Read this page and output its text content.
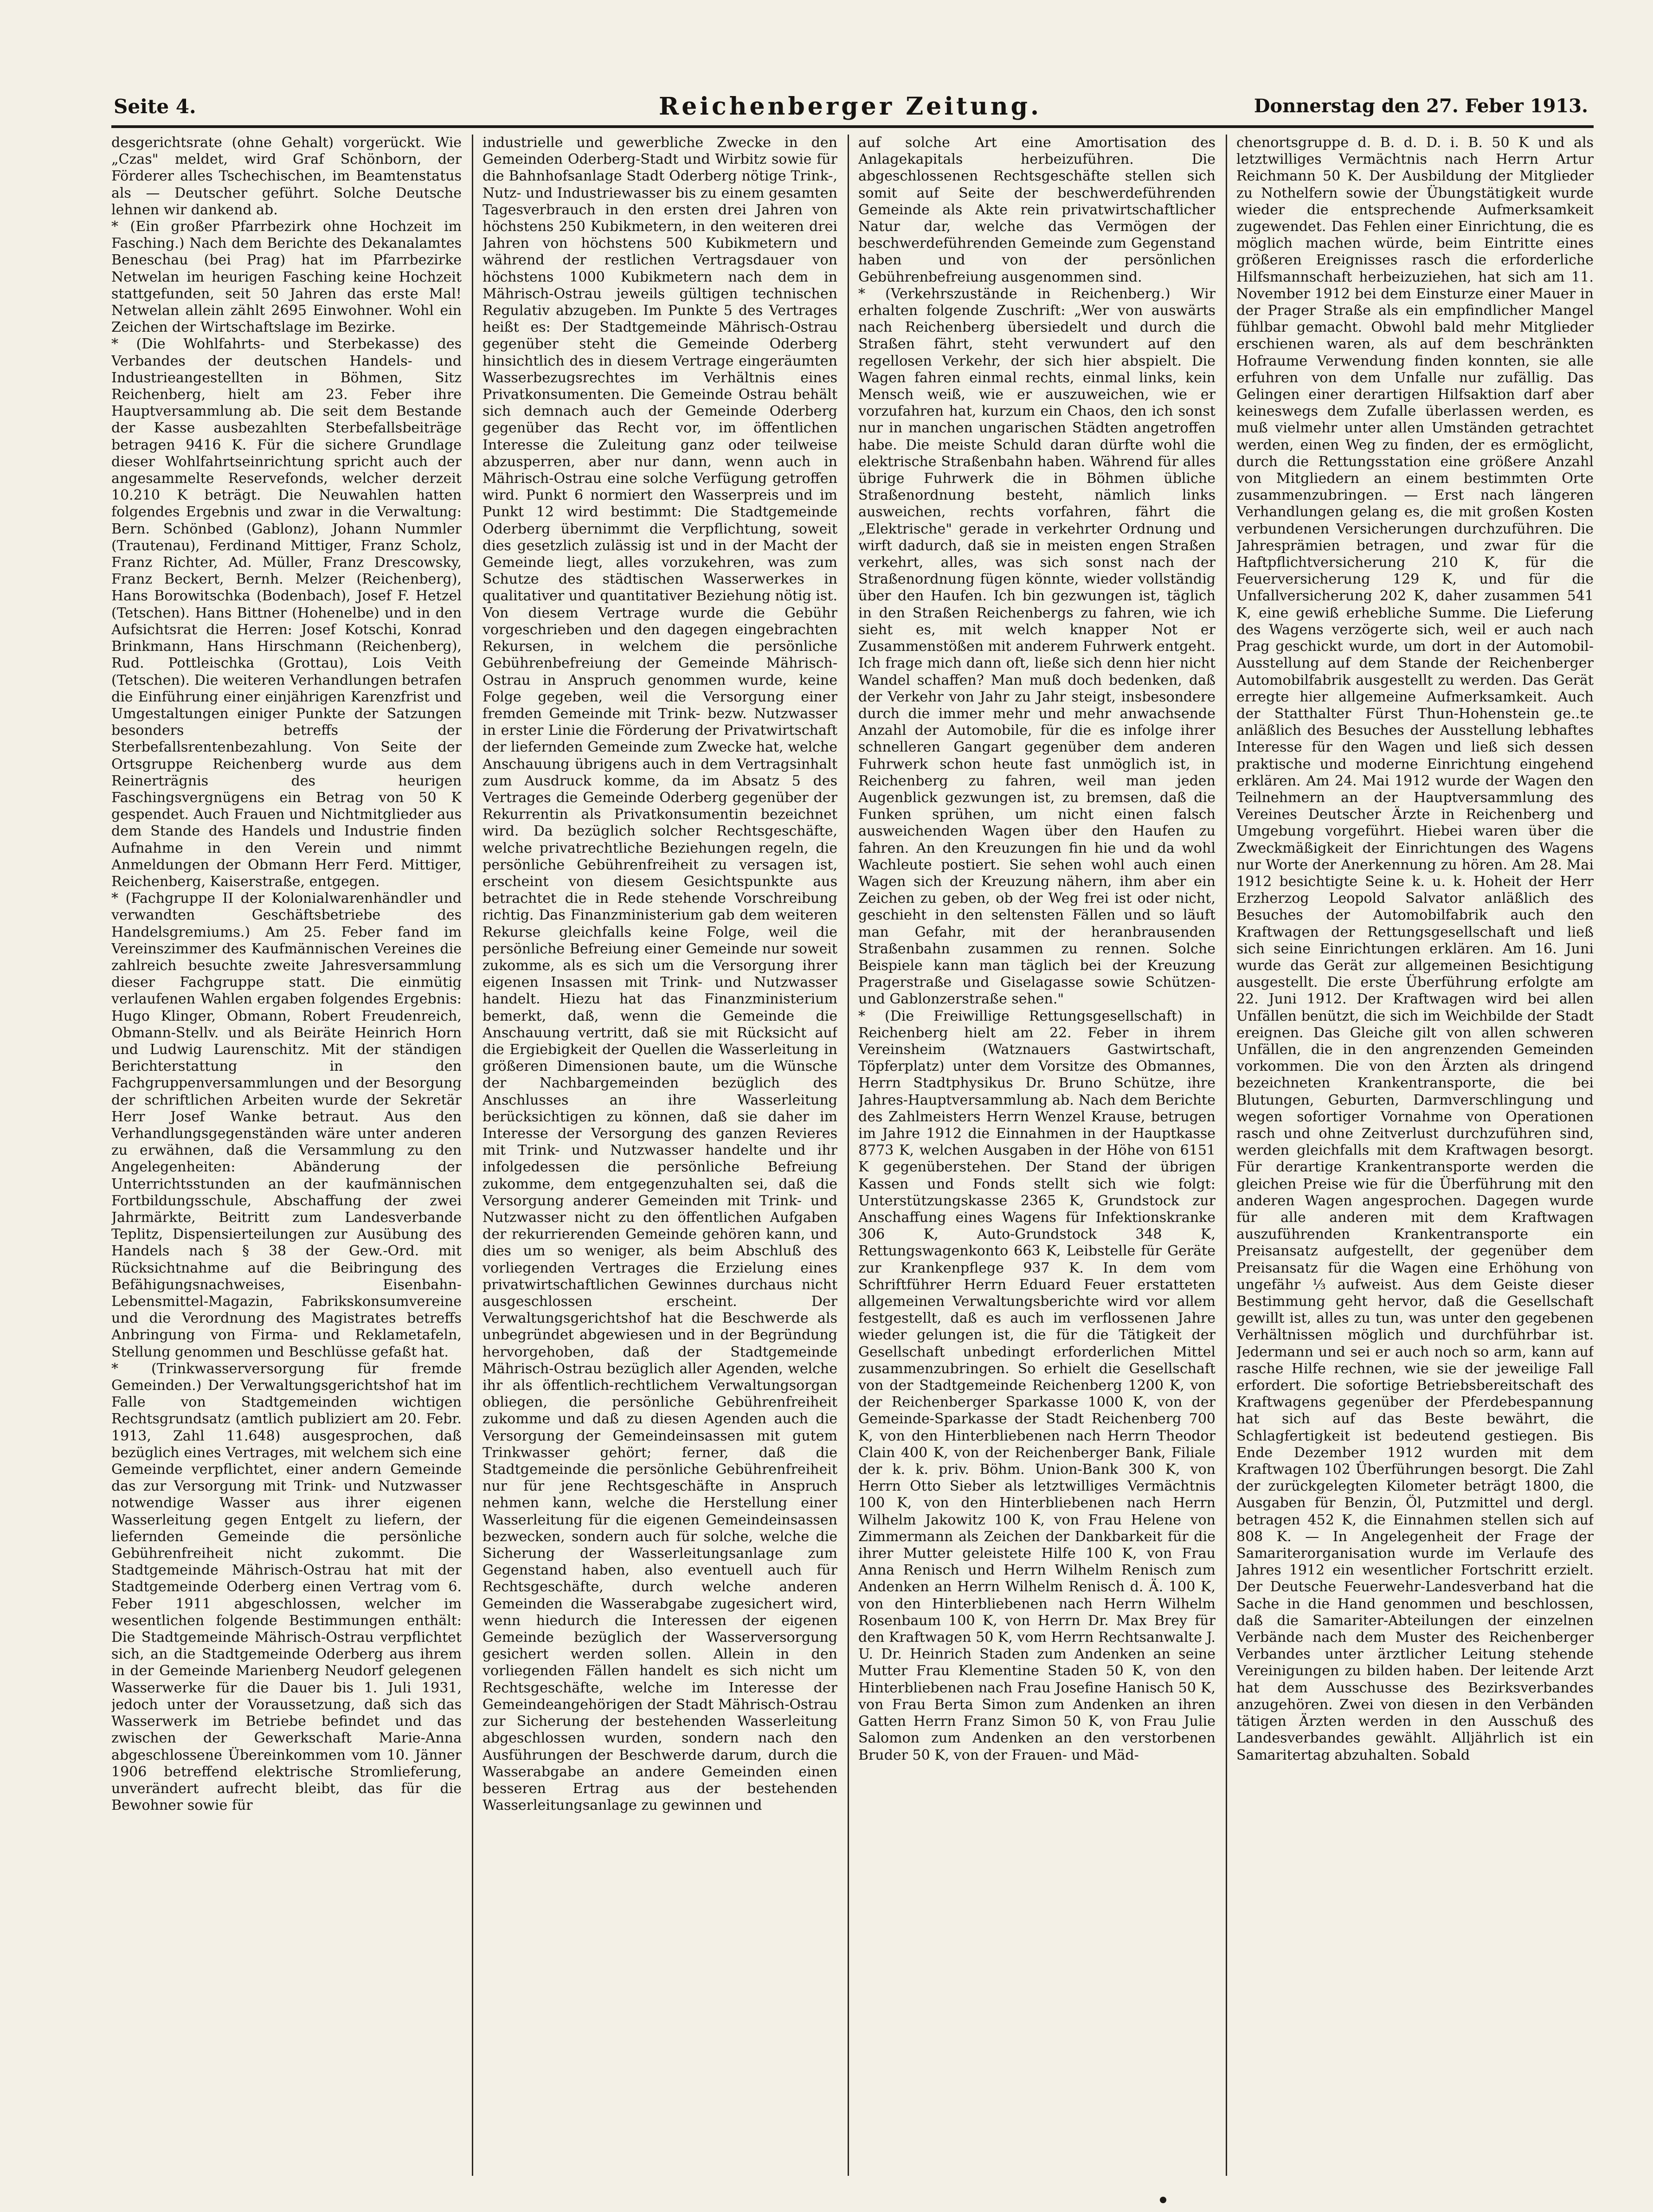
Seite 4.	Reichenberger Zeitung.	Donnerstag den 27. Feber 1913.

desgerichtsrate (ohne Gehalt) vorgerückt. Wie „Czas" meldet, wird Graf Schönborn, der Förderer alles Tschechischen, im Beamtenstatus als — Deutscher geführt. Solche Deutsche lehnen wir dankend ab.

* (Ein großer Pfarrbezirk ohne Hochzeit im Fasching.) Nach dem Berichte des Dekanalamtes Beneschau (bei Prag) hat im Pfarrbezirke Netwelan im heurigen Fasching keine Hochzeit stattgefunden, seit 50 Jahren das erste Mal! Netwelan allein zählt 2695 Einwohner. Wohl ein Zeichen der Wirtschaftslage im Bezirke.

* (Die Wohlfahrts- und Sterbekasse) des Verbandes der deutschen Handels- und Industrieangestellten in Böhmen, Sitz Reichenberg, hielt am 23. Feber ihre Hauptversammlung ab. Die seit dem Bestande der Kasse ausbezahlten Sterbefallsbeiträge betragen 9416 K. Für die sichere Grundlage dieser Wohlfahrtseinrichtung spricht auch der angesammelte Reservefonds, welcher derzeit 10.210 K beträgt. Die Neuwahlen hatten folgendes Ergebnis und zwar in die Verwaltung: Bern. Schönbed (Gablonz), Johann Nummler (Trautenau), Ferdinand Mittiger, Franz Scholz, Franz Richter, Ad. Müller, Franz Drescowsky, Franz Beckert, Bernh. Melzer (Reichenberg), Hans Borowitschka (Bodenbach), Josef F. Hetzel (Tetschen). Hans Bittner (Hohenelbe) und in den Aufsichtsrat die Herren: Josef Kotschi, Konrad Brinkmann, Hans Hirschmann (Reichenberg), Rud. Pottleischka (Grottau), Lois Veith (Tetschen). Die weiteren Verhandlungen betrafen die Einführung einer einjährigen Karenzfrist und Umgestaltungen einiger Punkte der Satzungen besonders betreffs der Sterbefallsrentenbezahlung. Von Seite der Ortsgruppe Reichenberg wurde aus dem Reinerträgnis des heurigen Faschingsvergnügens ein Betrag von 50 K gespendet. Auch Frauen und Nichtmitglieder aus dem Stande des Handels und Industrie finden Aufnahme in den Verein und nimmt Anmeldungen der Obmann Herr Ferd. Mittiger, Reichenberg, Kaiserstraße, entgegen.

* (Fachgruppe II der Kolonialwarenhändler und verwandten Geschäftsbetriebe des Handelsgremiums.) Am 25. Feber fand im Vereinszimmer des Kaufmännischen Vereines die zahlreich besuchte zweite Jahresversammlung dieser Fachgruppe statt. Die einmütig verlaufenen Wahlen ergaben folgendes Ergebnis: Hugo Klinger, Obmann, Robert Freudenreich, Obmann-Stellv. und als Beiräte Heinrich Horn und Ludwig Laurenschitz. Mit der ständigen Berichterstattung in den Fachgruppenversammlungen und der Besorgung der schriftlichen Arbeiten wurde der Sekretär Herr Josef Wanke betraut. Aus den Verhandlungsgegenständen wäre unter anderen zu erwähnen, daß die Versammlung zu den Angelegenheiten: Abänderung der Unterrichtsstunden an der kaufmännischen Fortbildungsschule, Abschaffung der zwei Jahrmärkte, Beitritt zum Landesverbande Teplitz, Dispensierteilungen zur Ausübung des Handels nach § 38 der Gew.-Ord. mit Rücksichtnahme auf die Beibringung des Befähigungsnachweises, Eisenbahn-Lebensmittel-Magazin, Fabrikskonsumvereine und die Verordnung des Magistrates betreffs Anbringung von Firma- und Reklametafeln, Stellung genommen und Beschlüsse gefaßt hat.

* (Trinkwasserversorgung für fremde Gemeinden.) Der Verwaltungsgerichtshof hat im Falle von Stadtgemeinden wichtigen Rechtsgrundsatz (amtlich publiziert am 20. Febr. 1913, Zahl 11.648) ausgesprochen, daß bezüglich eines Vertrages, mit welchem sich eine Gemeinde verpflichtet, einer andern Gemeinde das zur Versorgung mit Trink- und Nutzwasser notwendige Wasser aus ihrer eigenen Wasserleitung gegen Entgelt zu liefern, der liefernden Gemeinde die persönliche Gebührenfreiheit nicht zukommt. Die Stadtgemeinde Mährisch-Ostrau hat mit der Stadtgemeinde Oderberg einen Vertrag vom 6. Feber 1911 abgeschlossen, welcher im wesentlichen folgende Bestimmungen enthält: Die Stadtgemeinde Mährisch-Ostrau verpflichtet sich, an die Stadtgemeinde Oderberg aus ihrem in der Gemeinde Marienberg Neudorf gelegenen Wasserwerke für die Dauer bis 1. Juli 1931, jedoch unter der Voraussetzung, daß sich das Wasserwerk im Betriebe befindet und das zwischen der Gewerkschaft Marie-Anna abgeschlossene Übereinkommen vom 10. Jänner 1906 betreffend elektrische Stromlieferung, unverändert aufrecht bleibt, das für die Bewohner sowie für

industrielle und gewerbliche Zwecke in den Gemeinden Oderberg-Stadt und Wirbitz sowie für die Bahnhofsanlage Stadt Oderberg nötige Trink-, Nutz- und Industriewasser bis zu einem gesamten Tagesverbrauch in den ersten drei Jahren von höchstens 250 Kubikmetern, in den weiteren drei Jahren von höchstens 500 Kubikmetern und während der restlichen Vertragsdauer von höchstens 1000 Kubikmetern nach dem in Mährisch-Ostrau jeweils gültigen technischen Regulativ abzugeben. Im Punkte 5 des Vertrages heißt es: Der Stadtgemeinde Mährisch-Ostrau gegenüber steht die Gemeinde Oderberg hinsichtlich des in diesem Vertrage eingeräumten Wasserbezugsrechtes im Verhältnis eines Privatkonsumenten. Die Gemeinde Ostrau behält sich demnach auch der Gemeinde Oderberg gegenüber das Recht vor, im öffentlichen Interesse die Zuleitung ganz oder teilweise abzusperren, aber nur dann, wenn auch in Mährisch-Ostrau eine solche Verfügung getroffen wird. Punkt 6 normiert den Wasserpreis und im Punkt 12 wird bestimmt: Die Stadtgemeinde Oderberg übernimmt die Verpflichtung, soweit dies gesetzlich zulässig ist und in der Macht der Gemeinde liegt, alles vorzukehren, was zum Schutze des städtischen Wasserwerkes in qualitativer und quantitativer Beziehung nötig ist. Von diesem Vertrage wurde die Gebühr vorgeschrieben und den dagegen eingebrachten Rekursen, in welchem die persönliche Gebührenbefreiung der Gemeinde Mährisch-Ostrau in Anspruch genommen wurde, keine Folge gegeben, weil die Versorgung einer fremden Gemeinde mit Trink- bezw. Nutzwasser in erster Linie die Förderung der Privatwirtschaft der liefernden Gemeinde zum Zwecke hat, welche Anschauung übrigens auch in dem Vertragsinhalt zum Ausdruck komme, da im Absatz 5 des Vertrages die Gemeinde Oderberg gegenüber der Rekurrentin als Privatkonsumentin bezeichnet wird. Da bezüglich solcher Rechtsgeschäfte, welche privatrechtliche Beziehungen regeln, die persönliche Gebührenfreiheit zu versagen ist, erscheint von diesem Gesichtspunkte aus betrachtet die in Rede stehende Vorschreibung richtig. Das Finanzministerium gab dem weiteren Rekurse gleichfalls keine Folge, weil die persönliche Befreiung einer Gemeinde nur soweit zukomme, als es sich um die Versorgung ihrer eigenen Insassen mit Trink- und Nutzwasser handelt. Hiezu hat das Finanzministerium bemerkt, daß, wenn die Gemeinde die Anschauung vertritt, daß sie mit Rücksicht auf die Ergiebigkeit der Quellen die Wasserleitung in größeren Dimensionen baute, um die Wünsche der Nachbargemeinden bezüglich des Anschlusses an ihre Wasserleitung berücksichtigen zu können, daß sie daher im Interesse der Versorgung des ganzen Revieres mit Trink- und Nutzwasser handelte und ihr infolgedessen die persönliche Befreiung zukomme, dem entgegenzuhalten sei, daß die Versorgung anderer Gemeinden mit Trink- und Nutzwasser nicht zu den öffentlichen Aufgaben der rekurrierenden Gemeinde gehören kann, und dies um so weniger, als beim Abschluß des vorliegenden Vertrages die Erzielung eines privatwirtschaftlichen Gewinnes durchaus nicht ausgeschlossen erscheint. Der Verwaltungsgerichtshof hat die Beschwerde als unbegründet abgewiesen und in der Begründung hervorgehoben, daß der Stadtgemeinde Mährisch-Ostrau bezüglich aller Agenden, welche ihr als öffentlich-rechtlichem Verwaltungsorgan obliegen, die persönliche Gebührenfreiheit zukomme und daß zu diesen Agenden auch die Versorgung der Gemeindeinsassen mit gutem Trinkwasser gehört; ferner, daß die Stadtgemeinde die persönliche Gebührenfreiheit nur für jene Rechtsgeschäfte in Anspruch nehmen kann, welche die Herstellung einer Wasserleitung für die eigenen Gemeindeinsassen bezwecken, sondern auch für solche, welche die Sicherung der Wasserleitungsanlage zum Gegenstand haben, also eventuell auch für Rechtsgeschäfte, durch welche anderen Gemeinden die Wasserabgabe zugesichert wird, wenn hiedurch die Interessen der eigenen Gemeinde bezüglich der Wasserversorgung gesichert werden sollen. Allein in den vorliegenden Fällen handelt es sich nicht um Rechtsgeschäfte, welche im Interesse der Gemeindeangehörigen der Stadt Mährisch-Ostrau zur Sicherung der bestehenden Wasserleitung abgeschlossen wurden, sondern nach den Ausführungen der Beschwerde darum, durch die Wasserabgabe an andere Gemeinden einen besseren Ertrag aus der bestehenden Wasserleitungsanlage zu gewinnen und

auf solche Art eine Amortisation des Anlagekapitals herbeizuführen. Die abgeschlossenen Rechtsgeschäfte stellen sich somit auf Seite der beschwerdeführenden Gemeinde als Akte rein privatwirtschaftlicher Natur dar, welche das Vermögen der beschwerdeführenden Gemeinde zum Gegenstand haben und von der persönlichen Gebührenbefreiung ausgenommen sind.

* (Verkehrszustände in Reichenberg.) Wir erhalten folgende Zuschrift: „Wer von auswärts nach Reichenberg übersiedelt und durch die Straßen fährt, steht verwundert auf den regellosen Verkehr, der sich hier abspielt. Die Wagen fahren einmal rechts, einmal links, kein Mensch weiß, wie er auszuweichen, wie er vorzufahren hat, kurzum ein Chaos, den ich sonst nur in manchen ungarischen Städten angetroffen habe. Die meiste Schuld daran dürfte wohl die elektrische Straßenbahn haben. Während für alles übrige Fuhrwerk die in Böhmen übliche Straßenordnung besteht, nämlich links ausweichen, rechts vorfahren, fährt die „Elektrische" gerade in verkehrter Ordnung und wirft dadurch, daß sie in meisten engen Straßen verkehrt, alles, was sich sonst nach der Straßenordnung fügen könnte, wieder vollständig über den Haufen. Ich bin gezwungen ist, täglich in den Straßen Reichenbergs zu fahren, wie ich sieht es, mit welch knapper Not er Zusammenstößen mit anderem Fuhrwerk entgeht. Ich frage mich dann oft, ließe sich denn hier nicht Wandel schaffen? Man muß doch bedenken, daß der Verkehr von Jahr zu Jahr steigt, insbesondere durch die immer mehr und mehr anwachsende Anzahl der Automobile, für die es infolge ihrer schnelleren Gangart gegenüber dem anderen Fuhrwerk schon heute fast unmöglich ist, in Reichenberg zu fahren, weil man jeden Augenblick gezwungen ist, zu bremsen, daß die Funken sprühen, um nicht einen falsch ausweichenden Wagen über den Haufen zu fahren. An den Kreuzungen fin hie und da wohl Wachleute postiert. Sie sehen wohl auch einen Wagen sich der Kreuzung nähern, ihm aber ein Zeichen zu geben, ob der Weg frei ist oder nicht, geschieht in den seltensten Fällen und so läuft man Gefahr, mit der heranbrausenden Straßenbahn zusammen zu rennen. Solche Beispiele kann man täglich bei der Kreuzung Pragerstraße und Giselagasse sowie Schützen- und Gablonzerstraße sehen."

* (Die Freiwillige Rettungsgesellschaft) in Reichenberg hielt am 22. Feber in ihrem Vereinsheim (Watznauers Gastwirtschaft, Töpferplatz) unter dem Vorsitze des Obmannes, Herrn Stadtphysikus Dr. Bruno Schütze, ihre Jahres-Hauptversammlung ab. Nach dem Berichte des Zahlmeisters Herrn Wenzel Krause, betrugen im Jahre 1912 die Einnahmen in der Hauptkasse 8773 K, welchen Ausgaben in der Höhe von 6151 K gegenüberstehen. Der Stand der übrigen Kassen und Fonds stellt sich wie folgt: Unterstützungskasse 2365 K, Grundstock zur Anschaffung eines Wagens für Infektionskranke 306 K, Auto-Grundstock 348 K, Rettungswagenkonto 663 K, Leibstelle für Geräte zur Krankenpflege 937 K. In dem vom Schriftführer Herrn Eduard Feuer erstatteten allgemeinen Verwaltungsberichte wird vor allem festgestellt, daß es auch im verflossenen Jahre wieder gelungen ist, die für die Tätigkeit der Gesellschaft unbedingt erforderlichen Mittel zusammenzubringen. So erhielt die Gesellschaft von der Stadtgemeinde Reichenberg 1200 K, von der Reichenberger Sparkasse 1000 K, von der Gemeinde-Sparkasse der Stadt Reichenberg 700 K, von den Hinterbliebenen nach Herrn Theodor Clain 400 K, von der Reichenberger Bank, Filiale der k. k. priv. Böhm. Union-Bank 300 K, von Herrn Otto Sieber als letztwilliges Vermächtnis 100 K, von den Hinterbliebenen nach Herrn Wilhelm Jakowitz 100 K, von Frau Helene von Zimmermann als Zeichen der Dankbarkeit für die ihrer Mutter geleistete Hilfe 100 K, von Frau Anna Renisch und Herrn Wilhelm Renisch zum Andenken an Herrn Wilhelm Renisch d. Ä. 100 K, von den Hinterbliebenen nach Herrn Wilhelm Rosenbaum 100 K, von Herrn Dr. Max Brey für den Kraftwagen 50 K, vom Herrn Rechtsanwalte J. U. Dr. Heinrich Staden zum Andenken an seine Mutter Frau Klementine Staden 50 K, von den Hinterbliebenen nach Frau Josefine Hanisch 50 K, von Frau Berta Simon zum Andenken an ihren Gatten Herrn Franz Simon 50 K, von Frau Julie Salomon zum Andenken an den verstorbenen Bruder 50 K, von der Frauen- und Mäd-

chenortsgruppe d. B. d. D. i. B. 50 K und als letztwilliges Vermächtnis nach Herrn Artur Reichmann 50 K. Der Ausbildung der Mitglieder zu Nothelfern sowie der Übungstätigkeit wurde wieder die entsprechende Aufmerksamkeit zugewendet. Das Fehlen einer Einrichtung, die es möglich machen würde, beim Eintritte eines größeren Ereignisses rasch die erforderliche Hilfsmannschaft herbeizuziehen, hat sich am 11. November 1912 bei dem Einsturze einer Mauer in der Prager Straße als ein empfindlicher Mangel fühlbar gemacht. Obwohl bald mehr Mitglieder erschienen waren, als auf dem beschränkten Hofraume Verwendung finden konnten, sie alle erfuhren von dem Unfalle nur zufällig. Das Gelingen einer derartigen Hilfsaktion darf aber keineswegs dem Zufalle überlassen werden, es muß vielmehr unter allen Umständen getrachtet werden, einen Weg zu finden, der es ermöglicht, durch die Rettungsstation eine größere Anzahl von Mitgliedern an einem bestimmten Orte zusammenzubringen. — Erst nach längeren Verhandlungen gelang es, die mit großen Kosten verbundenen Versicherungen durchzuführen. Die Jahresprämien betragen, und zwar für die Haftpflichtversicherung 210 K, für die Feuerversicherung 129 K, und für die Unfallversicherung 202 K, daher zusammen 541 K, eine gewiß erhebliche Summe. Die Lieferung des Wagens verzögerte sich, weil er auch nach Prag geschickt wurde, um dort in der Automobil-Ausstellung auf dem Stande der Reichenberger Automobilfabrik ausgestellt zu werden. Das Gerät erregte hier allgemeine Aufmerksamkeit. Auch der Statthalter Fürst Thun-Hohenstein ge..te anläßlich des Besuches der Ausstellung lebhaftes Interesse für den Wagen und ließ sich dessen praktische und moderne Einrichtung eingehend erklären. Am 24. Mai 1912 wurde der Wagen den Teilnehmern an der Hauptversammlung des Vereines Deutscher Ärzte in Reichenberg und Umgebung vorgeführt. Hiebei waren über die Zweckmäßigkeit der Einrichtungen des Wagens nur Worte der Anerkennung zu hören. Am 28. Mai 1912 besichtigte Seine k. u. k. Hoheit der Herr Erzherzog Leopold Salvator anläßlich des Besuches der Automobilfabrik auch den Kraftwagen der Rettungsgesellschaft und ließ sich seine Einrichtungen erklären. Am 16. Juni wurde das Gerät zur allgemeinen Besichtigung ausgestellt. Die erste Überführung erfolgte am 22. Juni 1912. Der Kraftwagen wird bei allen Unfällen benützt, die sich im Weichbilde der Stadt ereignen. Das Gleiche gilt von allen schweren Unfällen, die in den angrenzenden Gemeinden vorkommen. Die von den Ärzten als dringend bezeichneten Krankentransporte, die bei Blutungen, Geburten, Darmverschlingung und wegen sofortiger Vornahme von Operationen rasch und ohne Zeitverlust durchzuführen sind, werden gleichfalls mit dem Kraftwagen besorgt. Für derartige Krankentransporte werden die gleichen Preise wie für die Überführung mit den anderen Wagen angesprochen. Dagegen wurde für alle anderen mit dem Kraftwagen auszuführenden Krankentransporte ein Preisansatz aufgestellt, der gegenüber dem Preisansatz für die Wagen eine Erhöhung von ungefähr ⅓ aufweist. Aus dem Geiste dieser Bestimmung geht hervor, daß die Gesellschaft gewillt ist, alles zu tun, was unter den gegebenen Verhältnissen möglich und durchführbar ist. Jedermann und sei er auch noch so arm, kann auf rasche Hilfe rechnen, wie sie der jeweilige Fall erfordert. Die sofortige Betriebsbereitschaft des Kraftwagens gegenüber der Pferdebespannung hat sich auf das Beste bewährt, die Schlagfertigkeit ist bedeutend gestiegen. Bis Ende Dezember 1912 wurden mit dem Kraftwagen 102 Überführungen besorgt. Die Zahl der zurückgelegten Kilometer beträgt 1800, die Ausgaben für Benzin, Öl, Putzmittel und dergl. betragen 452 K, die Einnahmen stellen sich auf 808 K. — In Angelegenheit der Frage der Samariterorganisation wurde im Verlaufe des Jahres 1912 ein wesentlicher Fortschritt erzielt. Der Deutsche Feuerwehr-Landesverband hat die Sache in die Hand genommen und beschlossen, daß die Samariter-Abteilungen der einzelnen Verbände nach dem Muster des Reichenberger Verbandes unter ärztlicher Leitung stehende Vereinigungen zu bilden haben. Der leitende Arzt hat dem Ausschusse des Bezirksverbandes anzugehören. Zwei von diesen in den Verbänden tätigen Ärzten werden in den Ausschuß des Landesverbandes gewählt. Alljährlich ist ein Samaritertag abzuhalten. Sobald
